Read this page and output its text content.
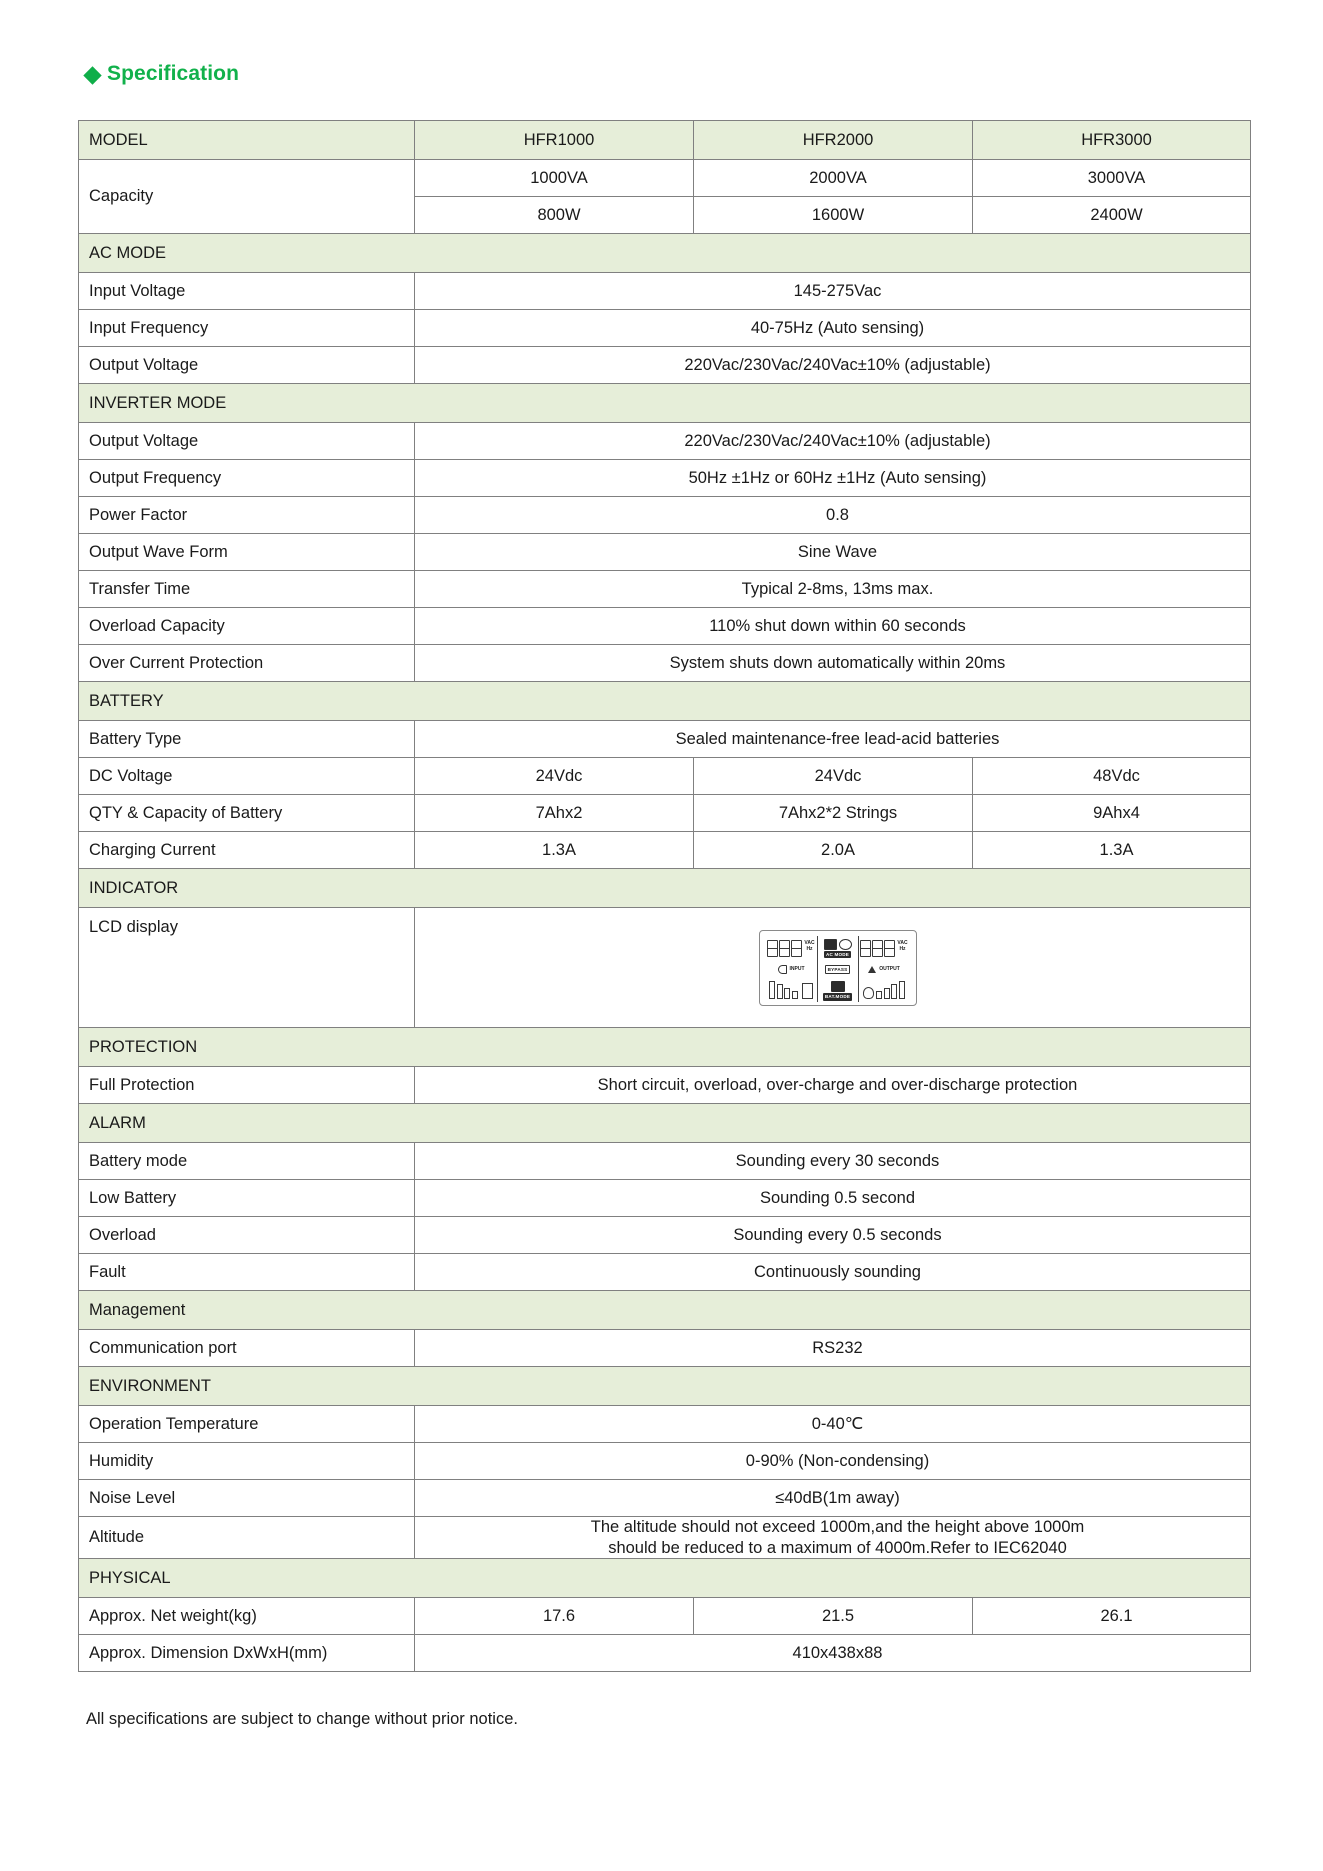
Specification
MODEL	HFR1000	HFR2000	HFR3000
Capacity	1000VA	2000VA	3000VA
	800W	1600W	2400W
AC MODE			
Input Voltage	145-275Vac		
Input Frequency	40-75Hz (Auto sensing)		
Output Voltage	220Vac/230Vac/240Vac±10% (adjustable)		
INVERTER MODE			
Output Voltage	220Vac/230Vac/240Vac±10% (adjustable)		
Output Frequency	50Hz ±1Hz or 60Hz ±1Hz (Auto sensing)		
Power Factor	0.8		
Output Wave Form	Sine Wave		
Transfer Time	Typical 2-8ms, 13ms max.		
Overload Capacity	110% shut down within 60 seconds		
Over Current Protection	System shuts down automatically within 20ms		
BATTERY			
Battery Type	Sealed maintenance-free lead-acid batteries		
DC Voltage	24Vdc	24Vdc	48Vdc
QTY & Capacity of Battery	7Ahx2	7Ahx2*2 Strings	9Ahx4
Charging Current	1.3A	2.0A	1.3A
INDICATOR			
LCD display	
VAC
Hz
AC MODE
VAC
Hz
INPUT	BYPASS	OUTPUT
BAT.MODE

PROTECTION			
Full Protection	Short circuit, overload, over-charge and over-discharge protection		
ALARM			
Battery mode	Sounding every 30 seconds		
Low Battery	Sounding 0.5 second		
Overload	Sounding every 0.5 seconds		
Fault	Continuously sounding		
Management			
Communication port	RS232		
ENVIRONMENT			
Operation Temperature	0-40℃		
Humidity	0-90% (Non-condensing)		
Noise Level	≤40dB(1m away)		
Altitude	The altitude should not exceed 1000m,and the height above 1000m
should be reduced to a maximum of 4000m.Refer to IEC62040		

PHYSICAL			
Approx. Net weight(kg)	17.6	21.5	26.1
Approx. Dimension DxWxH(mm)	410x438x88		
All specifications are subject to change without prior notice.
